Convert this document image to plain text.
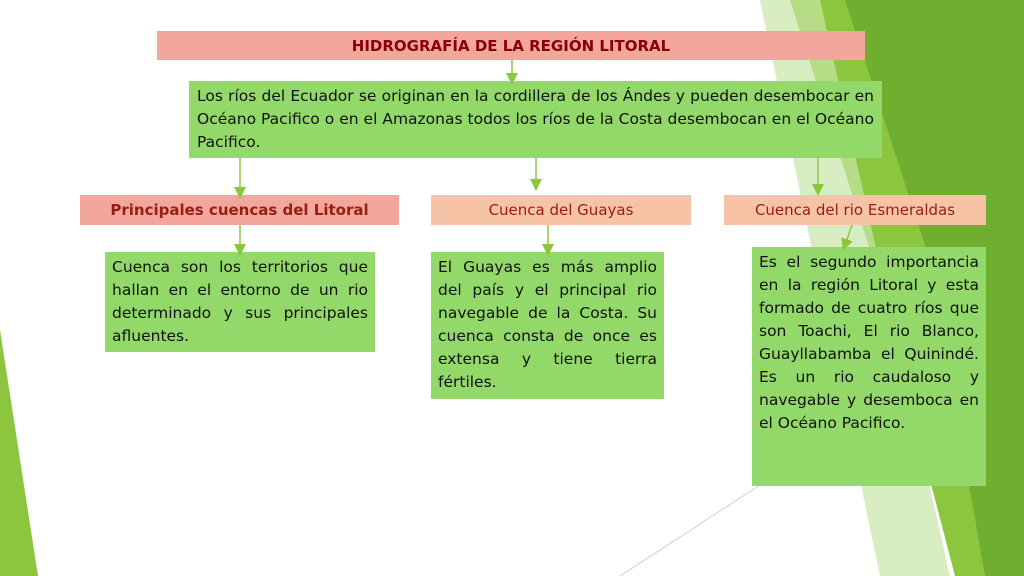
HIDROGRAFÍA DE LA REGIÓN LITORAL
Los ríos del Ecuador se originan en la cordillera de los Ándes y pueden desembocar en Océano Pacifico o en el Amazonas todos los ríos de la Costa desembocan en el Océano Pacifico.
Principales cuencas del Litoral	Cuenca del Guayas	Cuenca del rio Esmeraldas
Cuenca son los territorios que hallan en el entorno de un rio determinado y sus principales afluentes.
El Guayas es más amplio del país y el principal rio navegable de la Costa. Su cuenca consta de once es extensa y tiene tierra fértiles.
Es el segundo importancia en la región Litoral y esta formado de cuatro ríos que son Toachi, El rio Blanco, Guayllabamba el Quinindé. Es un rio caudaloso y navegable y desemboca en el Océano Pacifico.
